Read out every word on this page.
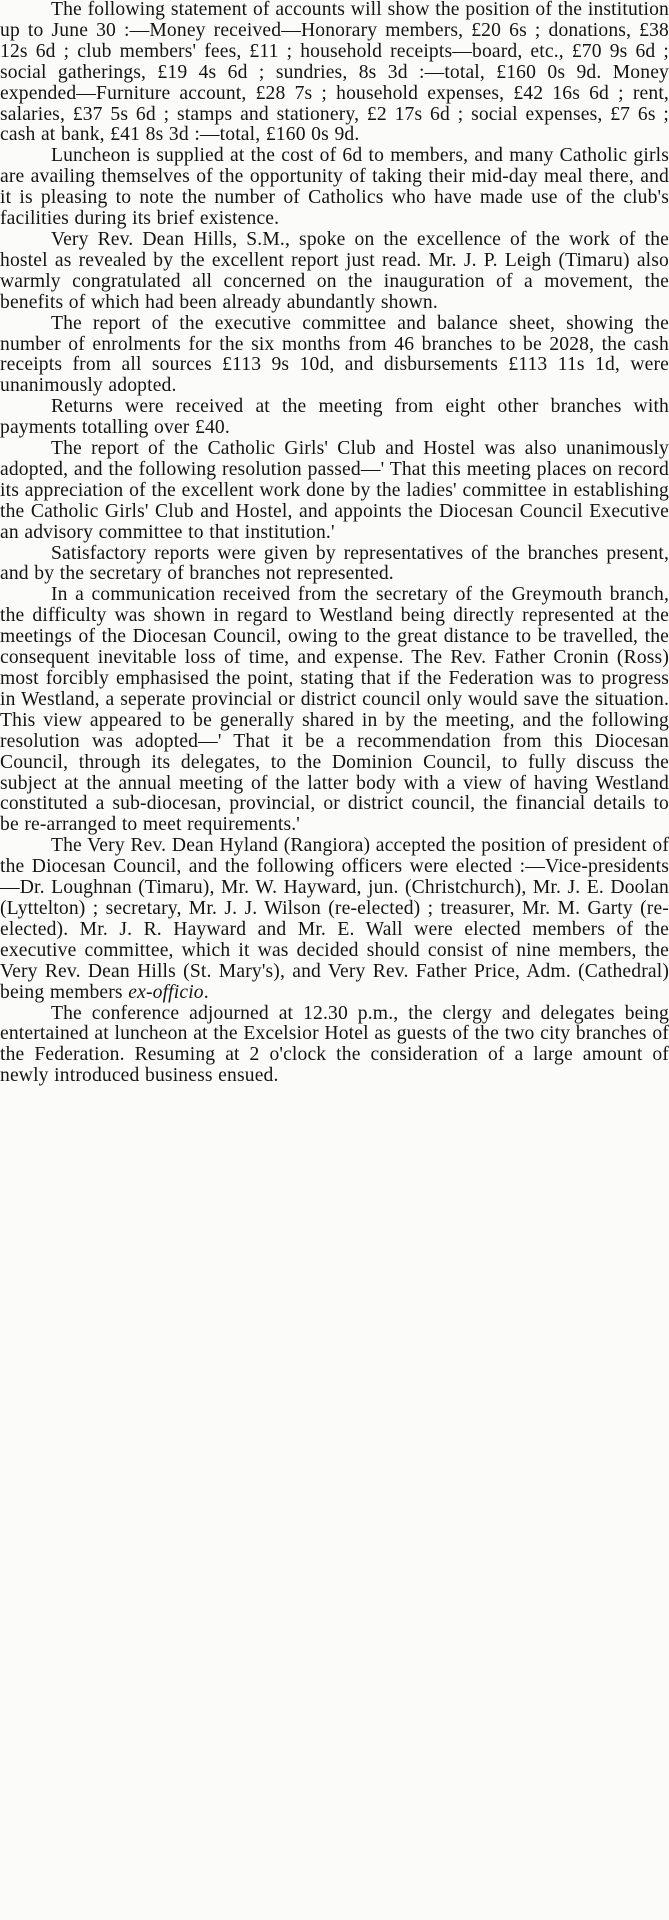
The following statement of accounts will show the position of the institution up to June 30 :—Money received—Honorary members, £20 6s ; donations, £38 12s 6d ; club members' fees, £11 ; household receipts—board, etc., £70 9s 6d ; social gatherings, £19 4s 6d ; sundries, 8s 3d :—total, £160 0s 9d. Money expended—Furniture account, £28 7s ; household expenses, £42 16s 6d ; rent, salaries, £37 5s 6d ; stamps and stationery, £2 17s 6d ; social expenses, £7 6s ; cash at bank, £41 8s 3d :—total, £160 0s 9d.

Luncheon is supplied at the cost of 6d to members, and many Catholic girls are availing themselves of the opportunity of taking their mid-day meal there, and it is pleasing to note the number of Catholics who have made use of the club's facilities during its brief existence.

Very Rev. Dean Hills, S.M., spoke on the excellence of the work of the hostel as revealed by the excellent report just read. Mr. J. P. Leigh (Timaru) also warmly congratulated all concerned on the inauguration of a movement, the benefits of which had been already abundantly shown.

The report of the executive committee and balance sheet, showing the number of enrolments for the six months from 46 branches to be 2028, the cash receipts from all sources £113 9s 10d, and disbursements £113 11s 1d, were unanimously adopted.

Returns were received at the meeting from eight other branches with payments totalling over £40.

The report of the Catholic Girls' Club and Hostel was also unanimously adopted, and the following resolution passed—' That this meeting places on record its appreciation of the excellent work done by the ladies' committee in establishing the Catholic Girls' Club and Hostel, and appoints the Diocesan Council Executive an advisory committee to that institution.'

Satisfactory reports were given by representatives of the branches present, and by the secretary of branches not represented.

In a communication received from the secretary of the Greymouth branch, the difficulty was shown in regard to Westland being directly represented at the meetings of the Diocesan Council, owing to the great distance to be travelled, the consequent inevitable loss of time, and expense. The Rev. Father Cronin (Ross) most forcibly emphasised the point, stating that if the Federation was to progress in Westland, a seperate provincial or district council only would save the situation. This view appeared to be generally shared in by the meeting, and the following resolution was adopted—' That it be a recommendation from this Diocesan Council, through its delegates, to the Dominion Council, to fully discuss the subject at the annual meeting of the latter body with a view of having Westland constituted a sub-diocesan, provincial, or district council, the financial details to be re-arranged to meet requirements.'

The Very Rev. Dean Hyland (Rangiora) accepted the position of president of the Diocesan Council, and the following officers were elected :—Vice-presidents—Dr. Loughnan (Timaru), Mr. W. Hayward, jun. (Christchurch), Mr. J. E. Doolan (Lyttelton) ; secretary, Mr. J. J. Wilson (re-elected) ; treasurer, Mr. M. Garty (re-elected). Mr. J. R. Hayward and Mr. E. Wall were elected members of the executive committee, which it was decided should consist of nine members, the Very Rev. Dean Hills (St. Mary's), and Very Rev. Father Price, Adm. (Cathedral) being members ex-officio.

The conference adjourned at 12.30 p.m., the clergy and delegates being entertained at luncheon at the Excelsior Hotel as guests of the two city branches of the Federation. Resuming at 2 o'clock the consideration of a large amount of newly introduced business ensued.
